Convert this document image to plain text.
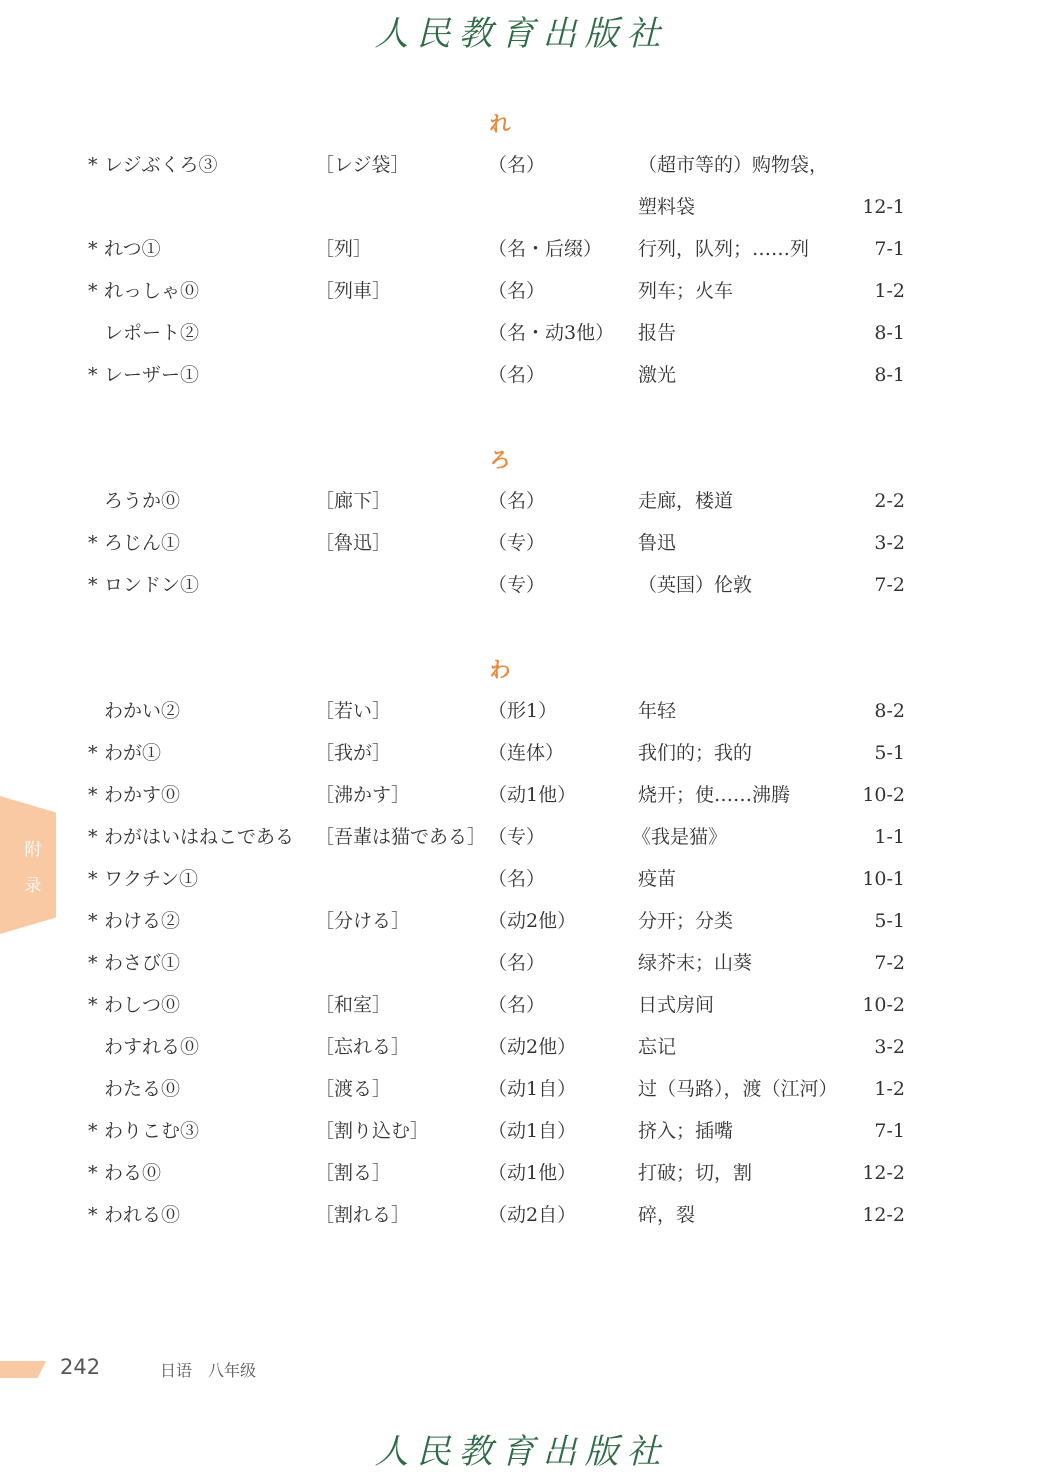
人民教育出版社
れ
* レジぶくろ③	［レジ袋］	（名）	（超市等的）购物袋，
塑料袋	12-1
* れつ①	［列］	（名・后缀） 行列，队列；……列	7-1
* れっしゃ⓪	［列車］	（名）	列车；火车	1-2
レポート②	（名・动3他） 报告	8-1
* レーザー①	（名）	激光	8-1
ろ
ろうか⓪	［廊下］	（名）	走廊，楼道	2-2
* ろじん①	［魯迅］	（专）	鲁迅	3-2
* ロンドン①	（专）	（英国）伦敦	7-2
わ
わかい②	［若い］	（形1）	年轻	8-2
* わが①	［我が］	（连体）	我们的；我的	5-1
* わかす⓪	［沸かす］	（动1他）	烧开；使……沸腾	10-2
* わがはいはねこである ［吾輩は猫である］ （专）	《我是猫》	1-1
* ワクチン①	（名）	疫苗	10-1
* わける②	［分ける］	（动2他）	分开；分类	5-1
* わさび①	（名）	绿芥末；山葵	7-2
* わしつ⓪	［和室］	（名）	日式房间	10-2
わすれる⓪	［忘れる］	（动2他）	忘记	3-2
わたる⓪	［渡る］	（动1自）	过（马路），渡（江河） 1-2
* わりこむ③	［割り込む］	（动1自）	挤入；插嘴	7-1
* わる⓪	［割る］	（动1他）	打破；切，割	12-2
* われる⓪	［割れる］	（动2自）	碎，裂	12-2
附
录
242	日语　八年级
人民教育出版社
